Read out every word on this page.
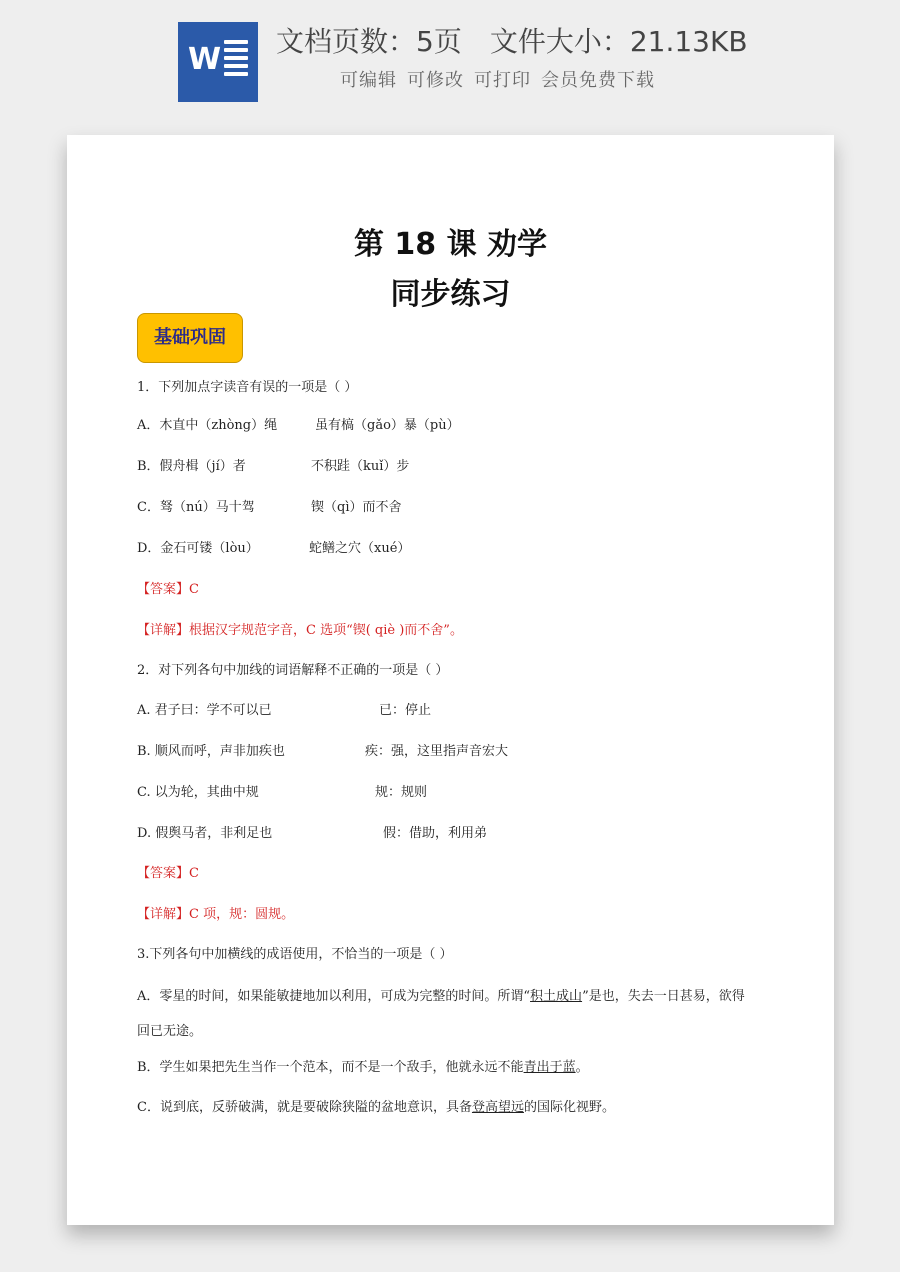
W
文档页数：5页 文件大小：21.13KB
可编辑 可修改 可打印 会员免费下载
第 18 课 劝学
同步练习
基础巩固
1．下列加点字读音有误的一项是（ ）
A．木直中（zhòng）绳	虽有槁（gǎo）暴（pù）
B．假舟楫（jí）者	不积跬（kuǐ）步
C．驽（nú）马十驾	锲（qì）而不舍
D．金石可镂（lòu）	蛇鳝之穴（xué）
【答案】C
【详解】根据汉字规范字音，C 选项“锲( qiè )而不舍”。
2．对下列各句中加线的词语解释不正确的一项是（ ）
A. 君子曰：学不可以已	已：停止
B. 顺风而呼，声非加疾也	疾：强，这里指声音宏大
C. 以为轮，其曲中规	规：规则
D. 假舆马者，非利足也	假：借助，利用弟
【答案】C
【详解】C 项，规：圆规。
3.下列各句中加横线的成语使用，不恰当的一项是（ ）
A．零星的时间，如果能敏捷地加以利用，可成为完整的时间。所谓“积土成山”是也，失去一日甚易，欲得
回已无途。
B．学生如果把先生当作一个范本，而不是一个敌手，他就永远不能青出于蓝。
C．说到底，反骄破满，就是要破除狭隘的盆地意识，具备登高望远的国际化视野。
